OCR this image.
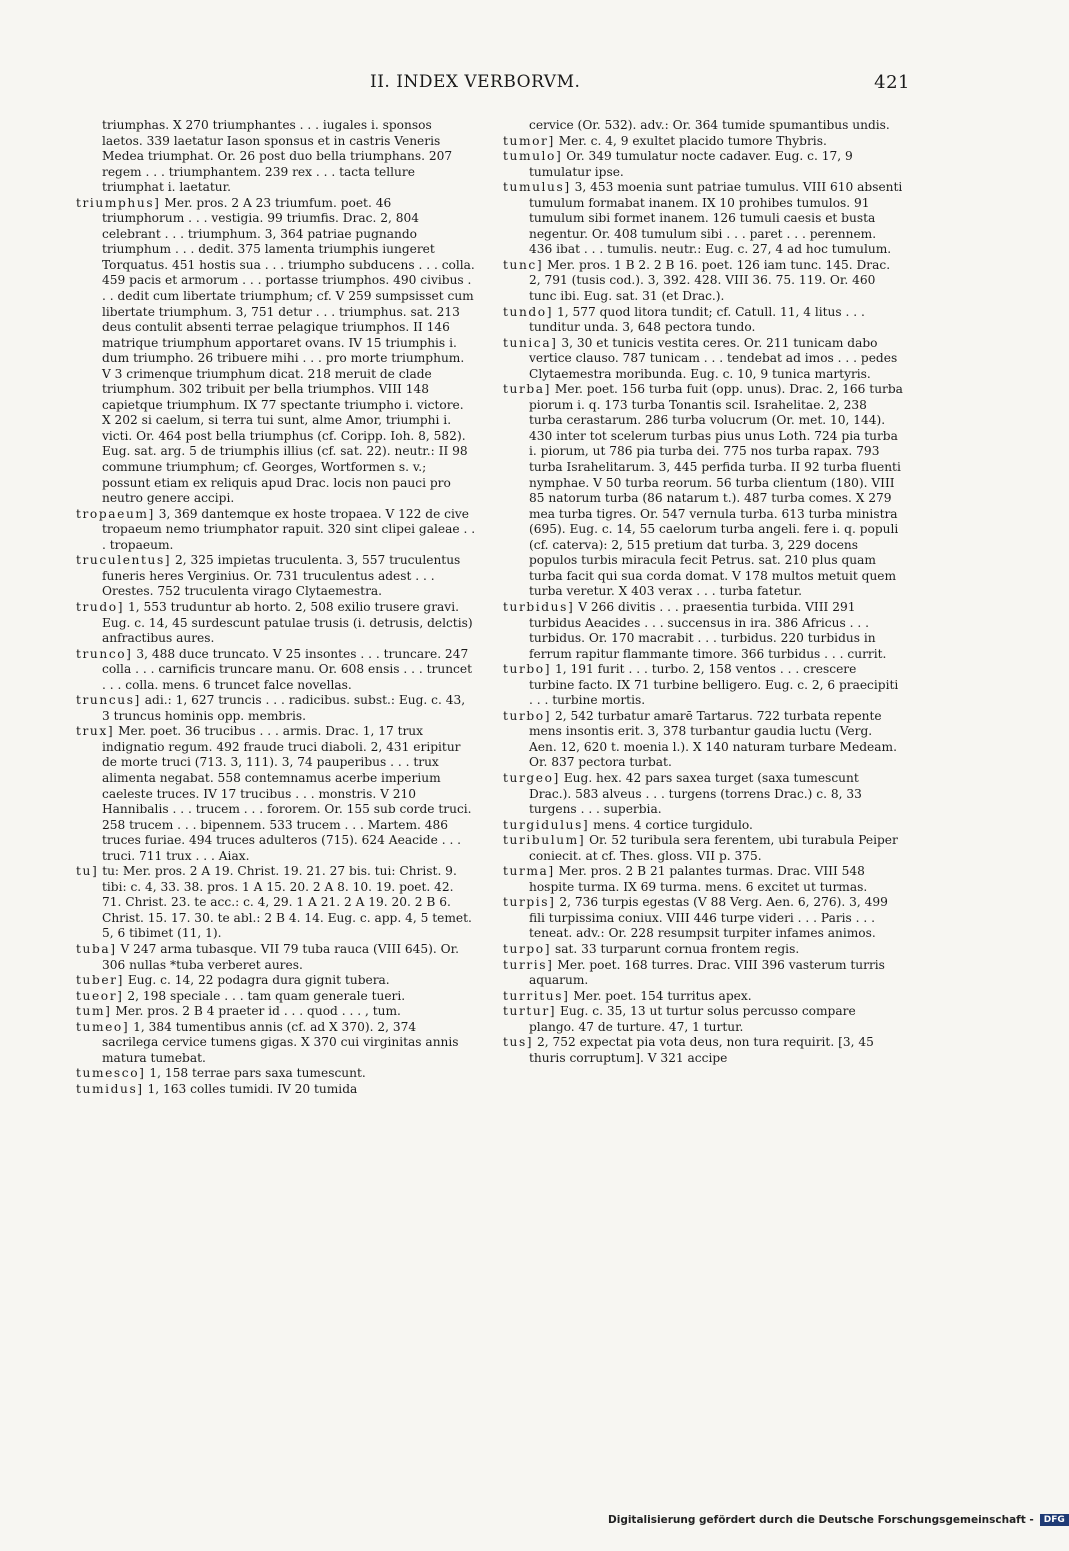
II. INDEX VERBORVM.	421
triumphas. X 270 triumphantes . . . iugales i. sponsos laetos. 339 laetatur Iason sponsus et in castris Veneris Medea triumphat. Or. 26 post duo bella triumphans. 207 regem . . . triumphantem. 239 rex . . . tacta tellure triumphat i. laetatur.
triumphus] Mer. pros. 2 A 23 triumfum. poet. 46 triumphorum . . . vestigia. 99 triumfis. Drac. 2, 804 celebrant . . . triumphum. 3, 364 patriae pugnando triumphum . . . dedit. 375 lamenta triumphis iungeret Torquatus. 451 hostis sua . . . triumpho subducens . . . colla. 459 pacis et armorum . . . portasse triumphos. 490 civibus . . . dedit cum libertate triumphum; cf. V 259 sumpsisset cum libertate triumphum. 3, 751 detur . . . triumphus. sat. 213 deus contulit absenti terrae pelagique triumphos. II 146 matrique triumphum apportaret ovans. IV 15 triumphis i. dum triumpho. 26 tribuere mihi . . . pro morte triumphum. V 3 crimenque triumphum dicat. 218 meruit de clade triumphum. 302 tribuit per bella triumphos. VIII 148 capietque triumphum. IX 77 spectante triumpho i. victore. X 202 si caelum, si terra tui sunt, alme Amor, triumphi i. victi. Or. 464 post bella triumphus (cf. Coripp. Ioh. 8, 582). Eug. sat. arg. 5 de triumphis illius (cf. sat. 22). neutr.: II 98 commune triumphum; cf. Georges, Wortformen s. v.; possunt etiam ex reliquis apud Drac. locis non pauci pro neutro genere accipi.
tropaeum] 3, 369 dantemque ex hoste tropaea. V 122 de cive tropaeum nemo triumphator rapuit. 320 sint clipei galeae . . . tropaeum.
truculentus] 2, 325 impietas truculenta. 3, 557 truculentus funeris heres Verginius. Or. 731 truculentus adest . . . Orestes. 752 truculenta virago Clytaemestra.
trudo] 1, 553 truduntur ab horto. 2, 508 exilio trusere gravi. Eug. c. 14, 45 surdescunt patulae trusis (i. detrusis, delctis) anfractibus aures.
trunco] 3, 488 duce truncato. V 25 insontes . . . truncare. 247 colla . . . carnificis truncare manu. Or. 608 ensis . . . truncet . . . colla. mens. 6 truncet falce novellas.
truncus] adi.: 1, 627 truncis . . . radicibus. subst.: Eug. c. 43, 3 truncus hominis opp. membris.
trux] Mer. poet. 36 trucibus . . . armis. Drac. 1, 17 trux indignatio regum. 492 fraude truci diaboli. 2, 431 eripitur de morte truci (713. 3, 111). 3, 74 pauperibus . . . trux alimenta negabat. 558 contemnamus acerbe imperium caeleste truces. IV 17 trucibus . . . monstris. V 210 Hannibalis . . . trucem . . . fororem. Or. 155 sub corde truci. 258 trucem . . . bipennem. 533 trucem . . . Martem. 486 truces furiae. 494 truces adulteros (715). 624 Aeacide . . . truci. 711 trux . . . Aiax.
tu] tu: Mer. pros. 2 A 19. Christ. 19. 21. 27 bis. tui: Christ. 9. tibi: c. 4, 33. 38. pros. 1 A 15. 20. 2 A 8. 10. 19. poet. 42. 71. Christ. 23. te acc.: c. 4, 29. 1 A 21. 2 A 19. 20. 2 B 6. Christ. 15. 17. 30. te abl.: 2 B 4. 14. Eug. c. app. 4, 5 temet. 5, 6 tibimet (11, 1).
tuba] V 247 arma tubasque. VII 79 tuba rauca (VIII 645). Or. 306 nullas *tuba verberet aures.
tuber] Eug. c. 14, 22 podagra dura gignit tubera.
tueor] 2, 198 speciale . . . tam quam generale tueri.
tum] Mer. pros. 2 B 4 praeter id . . . quod . . . , tum.
tumeo] 1, 384 tumentibus annis (cf. ad X 370). 2, 374 sacrilega cervice tumens gigas. X 370 cui virginitas annis matura tumebat.
tumesco] 1, 158 terrae pars saxa tumescunt.
tumidus] 1, 163 colles tumidi. IV 20 tumida
cervice (Or. 532). adv.: Or. 364 tumide spumantibus undis.
tumor] Mer. c. 4, 9 exultet placido tumore Thybris.
tumulo] Or. 349 tumulatur nocte cadaver. Eug. c. 17, 9 tumulatur ipse.
tumulus] 3, 453 moenia sunt patriae tumulus. VIII 610 absenti tumulum formabat inanem. IX 10 prohibes tumulos. 91 tumulum sibi formet inanem. 126 tumuli caesis et busta negentur. Or. 408 tumulum sibi . . . paret . . . perennem. 436 ibat . . . tumulis. neutr.: Eug. c. 27, 4 ad hoc tumulum.
tunc] Mer. pros. 1 B 2. 2 B 16. poet. 126 iam tunc. 145. Drac. 2, 791 (tusis cod.). 3, 392. 428. VIII 36. 75. 119. Or. 460 tunc ibi. Eug. sat. 31 (et Drac.).
tundo] 1, 577 quod litora tundit; cf. Catull. 11, 4 litus . . . tunditur unda. 3, 648 pectora tundo.
tunica] 3, 30 et tunicis vestita ceres. Or. 211 tunicam dabo vertice clauso. 787 tunicam . . . tendebat ad imos . . . pedes Clytaemestra moribunda. Eug. c. 10, 9 tunica martyris.
turba] Mer. poet. 156 turba fuit (opp. unus). Drac. 2, 166 turba piorum i. q. 173 turba Tonantis scil. Israhelitae. 2, 238 turba cerastarum. 286 turba volucrum (Or. met. 10, 144). 430 inter tot scelerum turbas pius unus Loth. 724 pia turba i. piorum, ut 786 pia turba dei. 775 nos turba rapax. 793 turba Israhelitarum. 3, 445 perfida turba. II 92 turba fluenti nymphae. V 50 turba reorum. 56 turba clientum (180). VIII 85 natorum turba (86 natarum t.). 487 turba comes. X 279 mea turba tigres. Or. 547 vernula turba. 613 turba ministra (695). Eug. c. 14, 55 caelorum turba angeli. fere i. q. populi (cf. caterva): 2, 515 pretium dat turba. 3, 229 docens populos turbis miracula fecit Petrus. sat. 210 plus quam turba facit qui sua corda domat. V 178 multos metuit quem turba veretur. X 403 verax . . . turba fatetur.
turbidus] V 266 divitis . . . praesentia turbida. VIII 291 turbidus Aeacides . . . succensus in ira. 386 Africus . . . turbidus. Or. 170 macrabit . . . turbidus. 220 turbidus in ferrum rapitur flammante timore. 366 turbidus . . . currit.
turbo] 1, 191 furit . . . turbo. 2, 158 ventos . . . crescere turbine facto. IX 71 turbine belligero. Eug. c. 2, 6 praecipiti . . . turbine mortis.
turbo] 2, 542 turbatur amarē Tartarus. 722 turbata repente mens insontis erit. 3, 378 turbantur gaudia luctu (Verg. Aen. 12, 620 t. moenia l.). X 140 naturam turbare Medeam. Or. 837 pectora turbat.
turgeo] Eug. hex. 42 pars saxea turget (saxa tumescunt Drac.). 583 alveus . . . turgens (torrens Drac.) c. 8, 33 turgens . . . superbia.
turgidulus] mens. 4 cortice turgidulo.
turibulum] Or. 52 turibula sera ferentem, ubi turabula Peiper coniecit. at cf. Thes. gloss. VII p. 375.
turma] Mer. pros. 2 B 21 palantes turmas. Drac. VIII 548 hospite turma. IX 69 turma. mens. 6 excitet ut turmas.
turpis] 2, 736 turpis egestas (V 88 Verg. Aen. 6, 276). 3, 499 fili turpissima coniux. VIII 446 turpe videri . . . Paris . . . teneat. adv.: Or. 228 resumpsit turpiter infames animos.
turpo] sat. 33 turparunt cornua frontem regis.
turris] Mer. poet. 168 turres. Drac. VIII 396 vasterum turris aquarum.
turritus] Mer. poet. 154 turritus apex.
turtur] Eug. c. 35, 13 ut turtur solus percusso compare plango. 47 de turture. 47, 1 turtur.
tus] 2, 752 expectat pia vota deus, non tura requirit. [3, 45 thuris corruptum]. V 321 accipe
Digitalisierung gefördert durch die Deutsche Forschungsgemeinschaft - DFG
